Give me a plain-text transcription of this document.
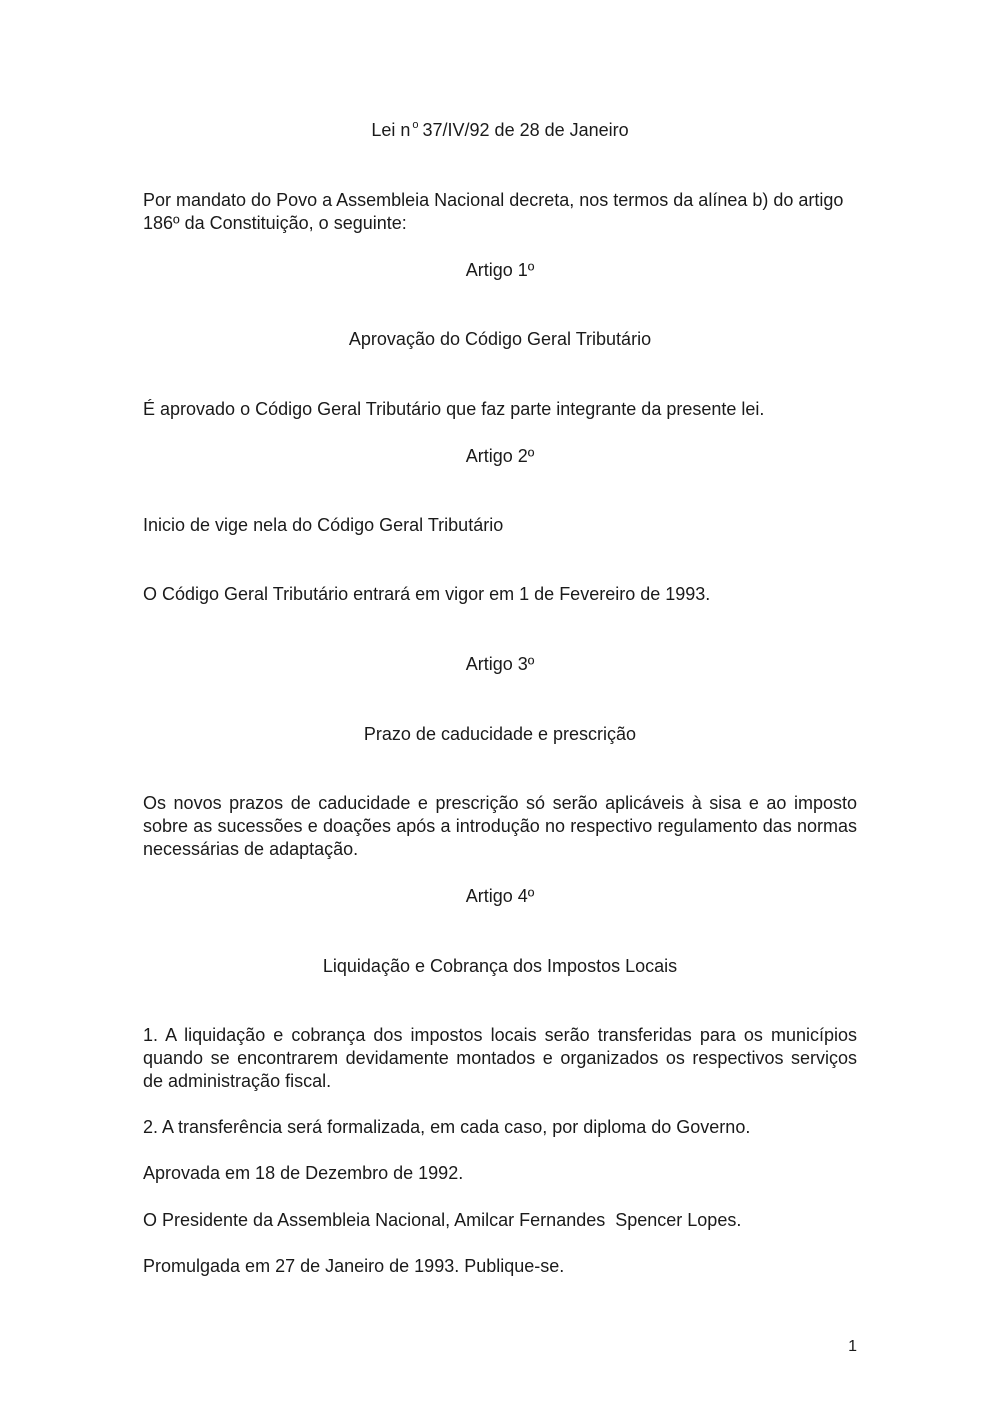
Lei n $^o$ 37/IV/92 de 28 de Janeiro

Por mandato do Povo a Assembleia Nacional decreta, nos termos da alínea b) do artigo 186º da Constituição, o seguinte:

Artigo 1º
Aprovação do Código Geral Tributário

É aprovado o Código Geral Tributário que faz parte integrante da presente lei.

Artigo 2º

Inicio de vige nela do Código Geral Tributário

O Código Geral Tributário entrará em vigor em 1 de Fevereiro de 1993.

Artigo 3º
Prazo de caducidade e prescrição

Os novos prazos de caducidade e prescrição só serão aplicáveis à sisa e ao imposto sobre as sucessões e doações após a introdução no respectivo regulamento das normas necessárias de adaptação.

Artigo 4º
Liquidação e Cobrança dos Impostos Locais

1. A liquidação e cobrança dos impostos locais serão transferidas para os municípios quando se encontrarem devidamente montados e organizados os respectivos serviços de administração fiscal.

2. A transferência será formalizada, em cada caso, por diploma do Governo.

Aprovada em 18 de Dezembro de 1992.

O Presidente da Assembleia Nacional, Amilcar Fernandes  Spencer Lopes.

Promulgada em 27 de Janeiro de 1993. Publique-se.

1
